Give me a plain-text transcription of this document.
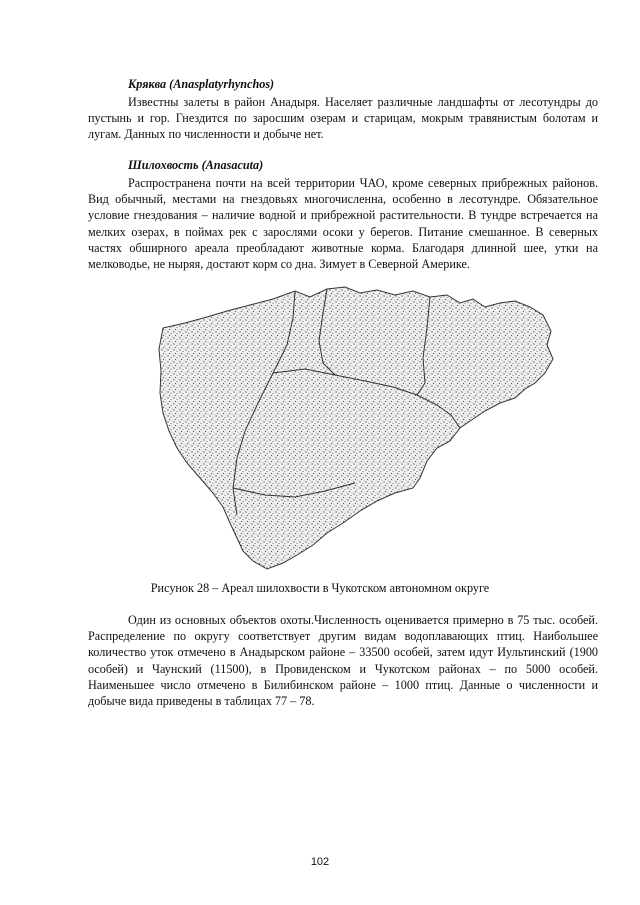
Кряква (Anasplatyrhynchos)

Известны залеты в район Анадыря. Населяет различные ландшафты от лесотундры до пустынь и гор. Гнездится по заросшим озерам и старицам, мокрым травянистым болотам и лугам. Данных по численности и добыче нет.

Шилохвость (Anasacuta)

Распространена почти на всей территории ЧАО, кроме северных прибрежных районов. Вид обычный, местами на гнездовьях многочисленна, особенно в лесотундре. Обязательное условие гнездования – наличие водной и прибрежной растительности. В тундре встречается на мелких озерах, в поймах рек с зарослями осоки у берегов. Питание смешанное. В северных частях обширного ареала преобладают животные корма. Благодаря длинной шее, утки на мелководье, не ныряя, достают корм со дна. Зимует в Северной Америке.

Рисунок 28 – Ареал шилохвости в Чукотском автономном округе

Один из основных объектов охоты.Численность оценивается примерно в 75 тыс. особей. Распределение по округу соответствует другим видам водоплавающих птиц. Наибольшее количество уток отмечено в Анадырском районе – 33500 особей, затем идут Иультинский (1900 особей) и Чаунский (11500), в Провиденском и Чукотском районах – по 5000 особей. Наименьшее число отмечено в Билибинском районе – 1000 птиц. Данные о численности и добыче вида приведены в таблицах 77 – 78.

102
